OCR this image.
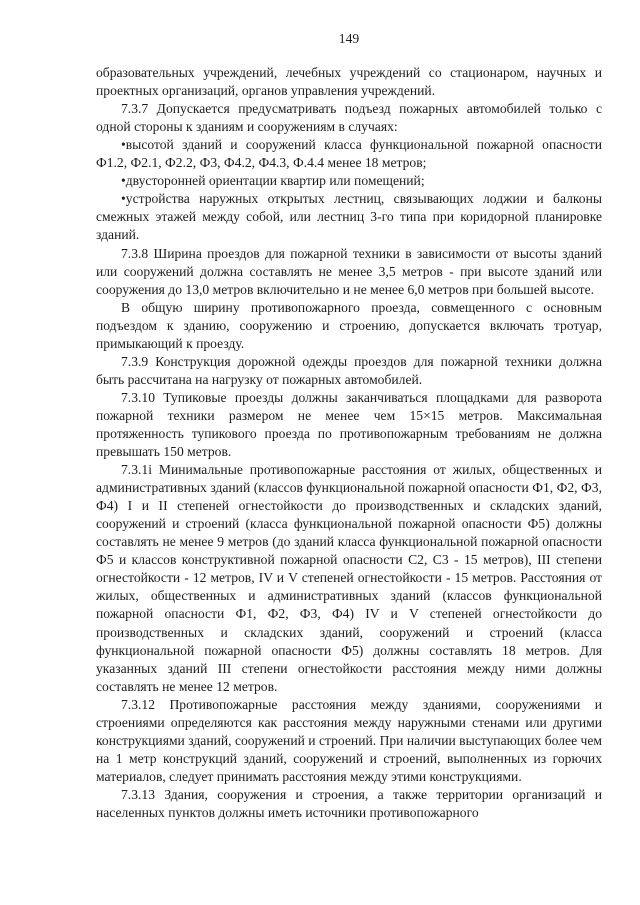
149

образовательных учреждений, лечебных учреждений со стационаром, научных и проектных организаций, органов управления учреждений.

7.3.7 Допускается предусматривать подъезд пожарных автомобилей только с одной стороны к зданиям и сооружениям в случаях:

•высотой зданий и сооружений класса функциональной пожарной опасности Ф1.2, Ф2.1, Ф2.2, Ф3, Ф4.2, Ф4.3, Ф.4.4 менее 18 метров;

•двусторонней ориентации квартир или помещений;

•устройства наружных открытых лестниц, связывающих лоджии и балконы смежных этажей между собой, или лестниц 3-го типа при коридорной планировке зданий.

7.3.8 Ширина проездов для пожарной техники в зависимости от высоты зданий или сооружений должна составлять не менее 3,5 метров - при высоте зданий или сооружения до 13,0 метров включительно и не менее 6,0 метров при большей высоте.

В общую ширину противопожарного проезда, совмещенного с основным подъездом к зданию, сооружению и строению, допускается включать тротуар, примыкающий к проезду.

7.3.9 Конструкция дорожной одежды проездов для пожарной техники должна быть рассчитана на нагрузку от пожарных автомобилей.

7.3.10 Тупиковые проезды должны заканчиваться площадками для разворота пожарной техники размером не менее чем 15×15 метров. Максимальная протяженность тупикового проезда по противопожарным требованиям не должна превышать 150 метров.

7.3.1i Минимальные противопожарные расстояния от жилых, общественных и административных зданий (классов функциональной пожарной опасности Ф1, Ф2, Ф3, Ф4) I и II степеней огнестойкости до производственных и складских зданий, сооружений и строений (класса функциональной пожарной опасности Ф5) должны составлять не менее 9 метров (до зданий класса функциональной пожарной опасности Ф5 и классов конструктивной пожарной опасности С2, С3 - 15 метров), III степени огнестойкости - 12 метров, IV и V степеней огнестойкости - 15 метров. Расстояния от жилых, общественных и административных зданий (классов функциональной пожарной опасности Ф1, Ф2, Ф3, Ф4) IV и V степеней огнестойкости до производственных и складских зданий, сооружений и строений (класса функциональной пожарной опасности Ф5) должны составлять 18 метров. Для указанных зданий III степени огнестойкости расстояния между ними должны составлять не менее 12 метров.

7.3.12 Противопожарные расстояния между зданиями, сооружениями и строениями определяются как расстояния между наружными стенами или другими конструкциями зданий, сооружений и строений. При наличии выступающих более чем на 1 метр конструкций зданий, сооружений и строений, выполненных из горючих материалов, следует принимать расстояния между этими конструкциями.

7.3.13 Здания, сооружения и строения, а также территории организаций и населенных пунктов должны иметь источники противопожарного
